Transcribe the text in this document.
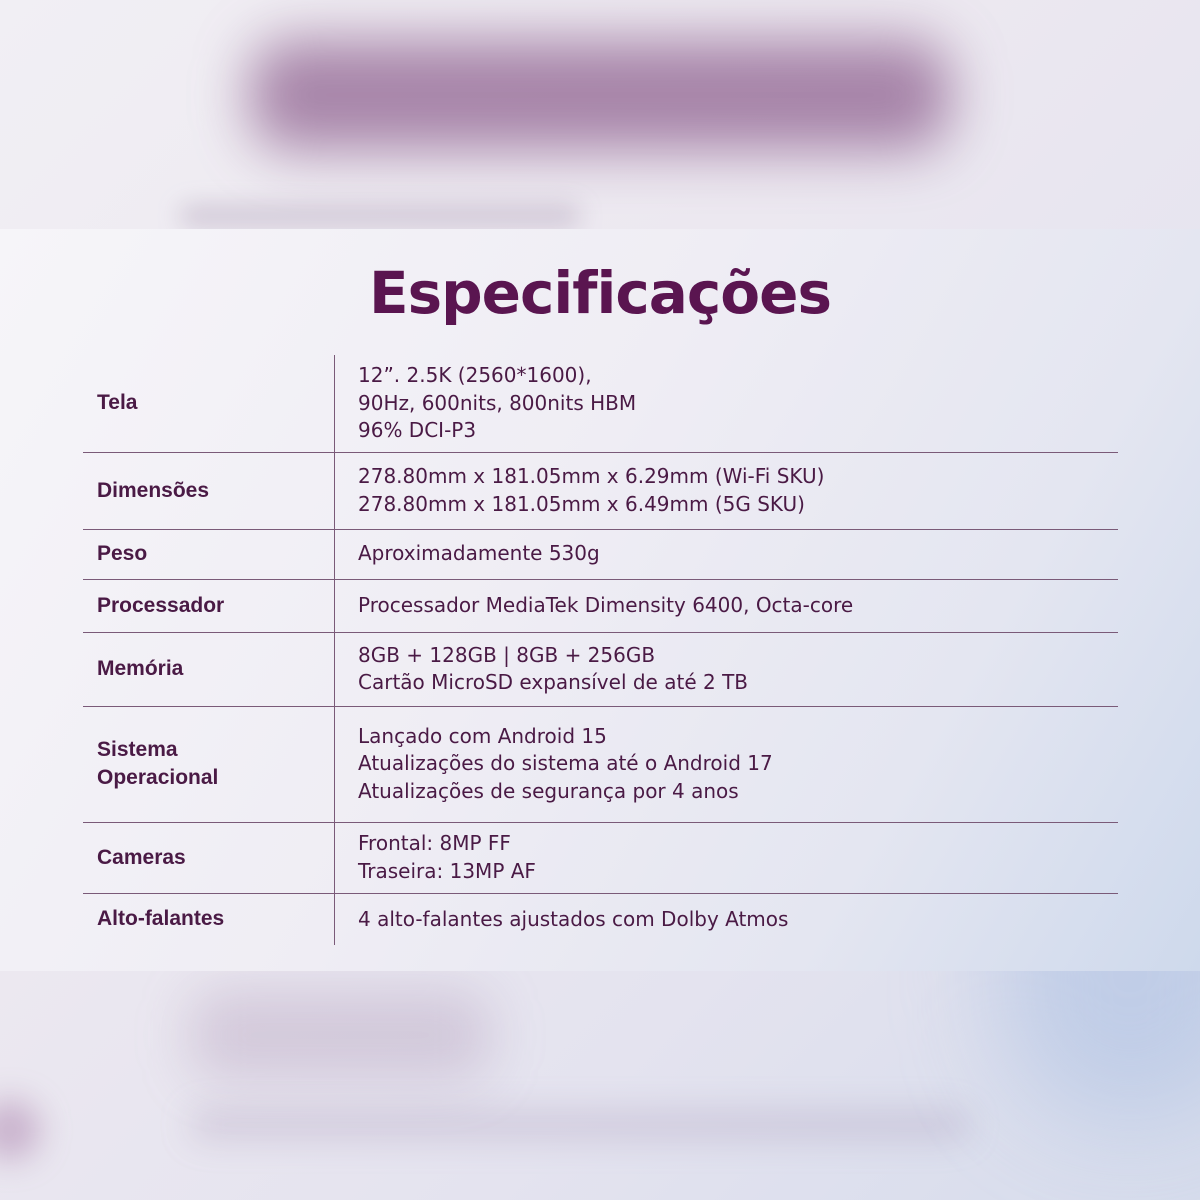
Especificações
Tela	12”. 2.5K (2560*1600),
90Hz, 600nits, 800nits HBM
96% DCI-P3

Dimensões	278.80mm x 181.05mm x 6.29mm (Wi-Fi SKU)
278.80mm x 181.05mm x 6.49mm (5G SKU)

Peso	Aproximadamente 530g

Processador	Processador MediaTek Dimensity 6400, Octa-core

Memória	8GB + 128GB | 8GB + 256GB
Cartão MicroSD expansível de até 2 TB

Sistema
Operacional	Lançado com Android 15
Atualizações do sistema até o Android 17
Atualizações de segurança por 4 anos

Cameras	Frontal: 8MP FF
Traseira: 13MP AF

Alto-falantes	4 alto-falantes ajustados com Dolby Atmos
